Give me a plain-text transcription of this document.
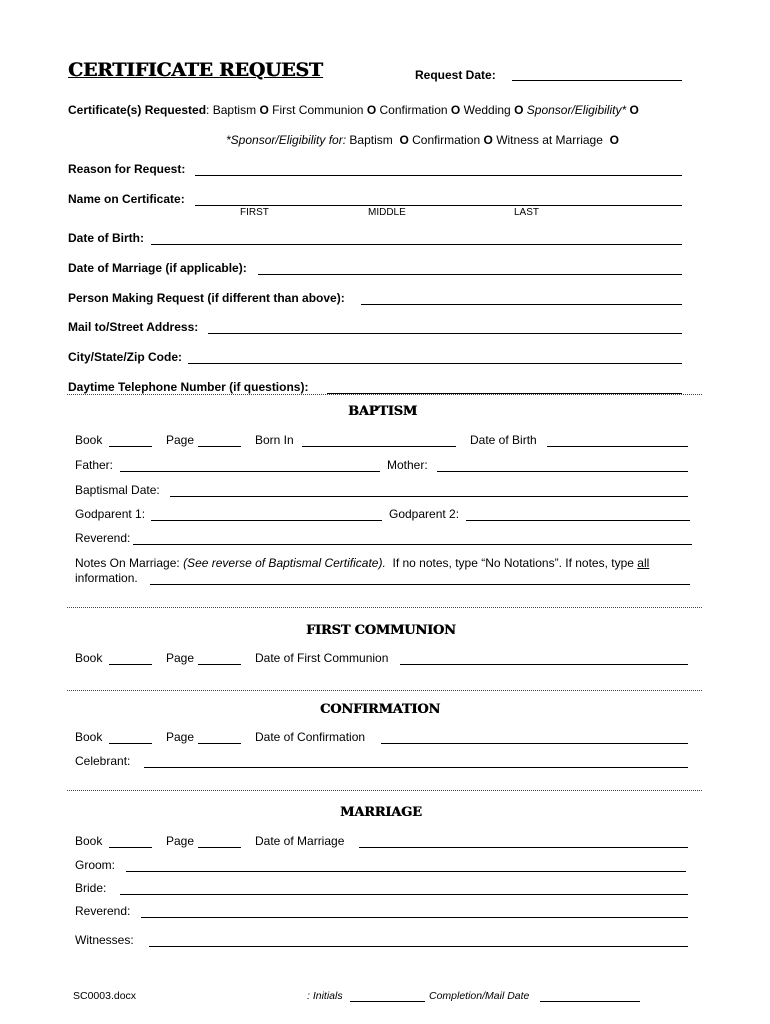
CERTIFICATE REQUEST	Request Date:
Certificate(s) Requested: Baptism O First Communion O Confirmation O Wedding O Sponsor/Eligibility* O
*Sponsor/Eligibility for: Baptism O Confirmation O Witness at Marriage O
Reason for Request:
Name on Certificate:
FIRST	MIDDLE	LAST
Date of Birth:
Date of Marriage (if applicable):
Person Making Request (if different than above):
Mail to/Street Address:
City/State/Zip Code:
Daytime Telephone Number (if questions):
BAPTISM
Book	Page	Born In	Date of Birth
Father:	Mother:
Baptismal Date:
Godparent 1:	Godparent 2:
Reverend:
Notes On Marriage: (See reverse of Baptismal Certificate). If no notes, type “No Notations”. If notes, type all
information.
FIRST COMMUNION
Book	Page	Date of First Communion
CONFIRMATION
Book	Page	Date of Confirmation
Celebrant:
MARRIAGE
Book	Page	Date of Marriage
Groom:
Bride:
Reverend:
Witnesses:
SC0003.docx	: Initials	Completion/Mail Date
